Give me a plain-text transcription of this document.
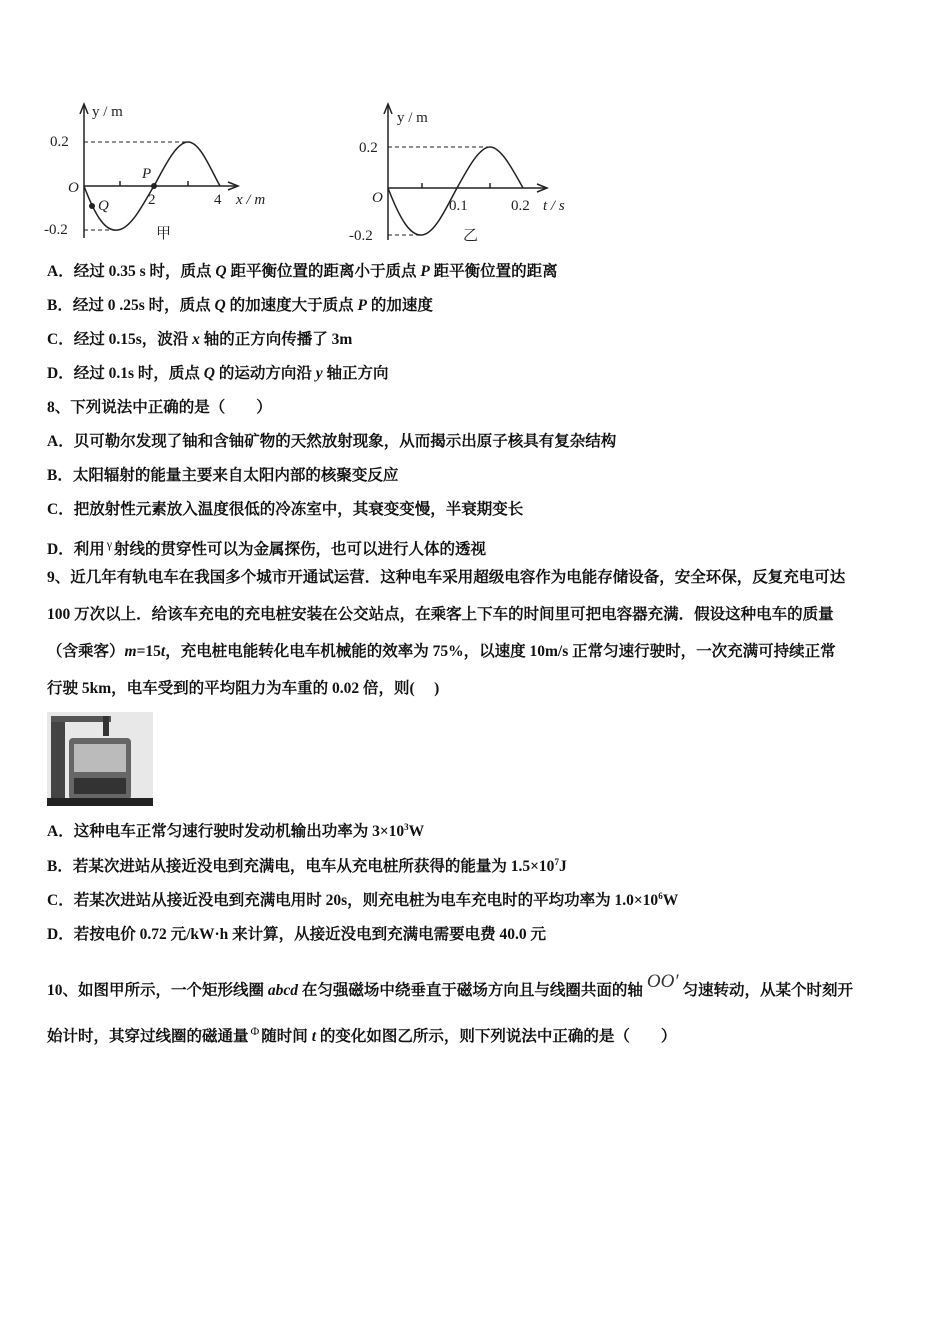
y / m
0.2
-0.2
O
2	4 x / m
P
Q
甲
y / m
0.2
-0.2
O	0.1	0.2 t / s
乙
A．经过 0.35 s 时，质点 Q 距平衡位置的距离小于质点 P 距平衡位置的距离
B．经过 0 .25s 时，质点 Q 的加速度大于质点 P 的加速度
C．经过 0.15s，波沿 x 轴的正方向传播了 3m
D．经过 0.1s 时，质点 Q 的运动方向沿 y 轴正方向
8、下列说法中正确的是（　　）
A．贝可勒尔发现了铀和含铀矿物的天然放射现象，从而揭示出原子核具有复杂结构
B．太阳辐射的能量主要来自太阳内部的核聚变反应
C．把放射性元素放入温度很低的冷冻室中，其衰变变慢，半衰期变长
D．利用 $^\gamma$ 射线的贯穿性可以为金属探伤，也可以进行人体的透视
9、近几年有轨电车在我国多个城市开通试运营．这种电车采用超级电容作为电能存储设备，安全环保，反复充电可达
100 万次以上．给该车充电的充电桩安装在公交站点，在乘客上下车的时间里可把电容器充满．假设这种电车的质量
（含乘客）m=15t，充电桩电能转化电车机械能的效率为 75%，以速度 10m/s 正常匀速行驶时，一次充满可持续正常
行驶 5km，电车受到的平均阻力为车重的 0.02 倍，则(　 )
A．这种电车正常匀速行驶时发动机输出功率为 $3\times 10^3W$
B．若某次进站从接近没电到充满电，电车从充电桩所获得的能量为 $1.5\times 10^7J$
C．若某次进站从接近没电到充满电用时 20s，则充电桩为电车充电时的平均功率为 $1.0\times 10^6W$
D．若按电价 0.72 元/kW·h 来计算，从接近没电到充满电需要电费 40.0 元
10、如图甲所示，一个矩形线圈 abcd 在匀强磁场中绕垂直于磁场方向且与线圈共面的轴 OO′ 匀速转动，从某个时刻开
始计时，其穿过线圈的磁通量 $^\Phi$ 随时间 t 的变化如图乙所示，则下列说法中正确的是（　　）
